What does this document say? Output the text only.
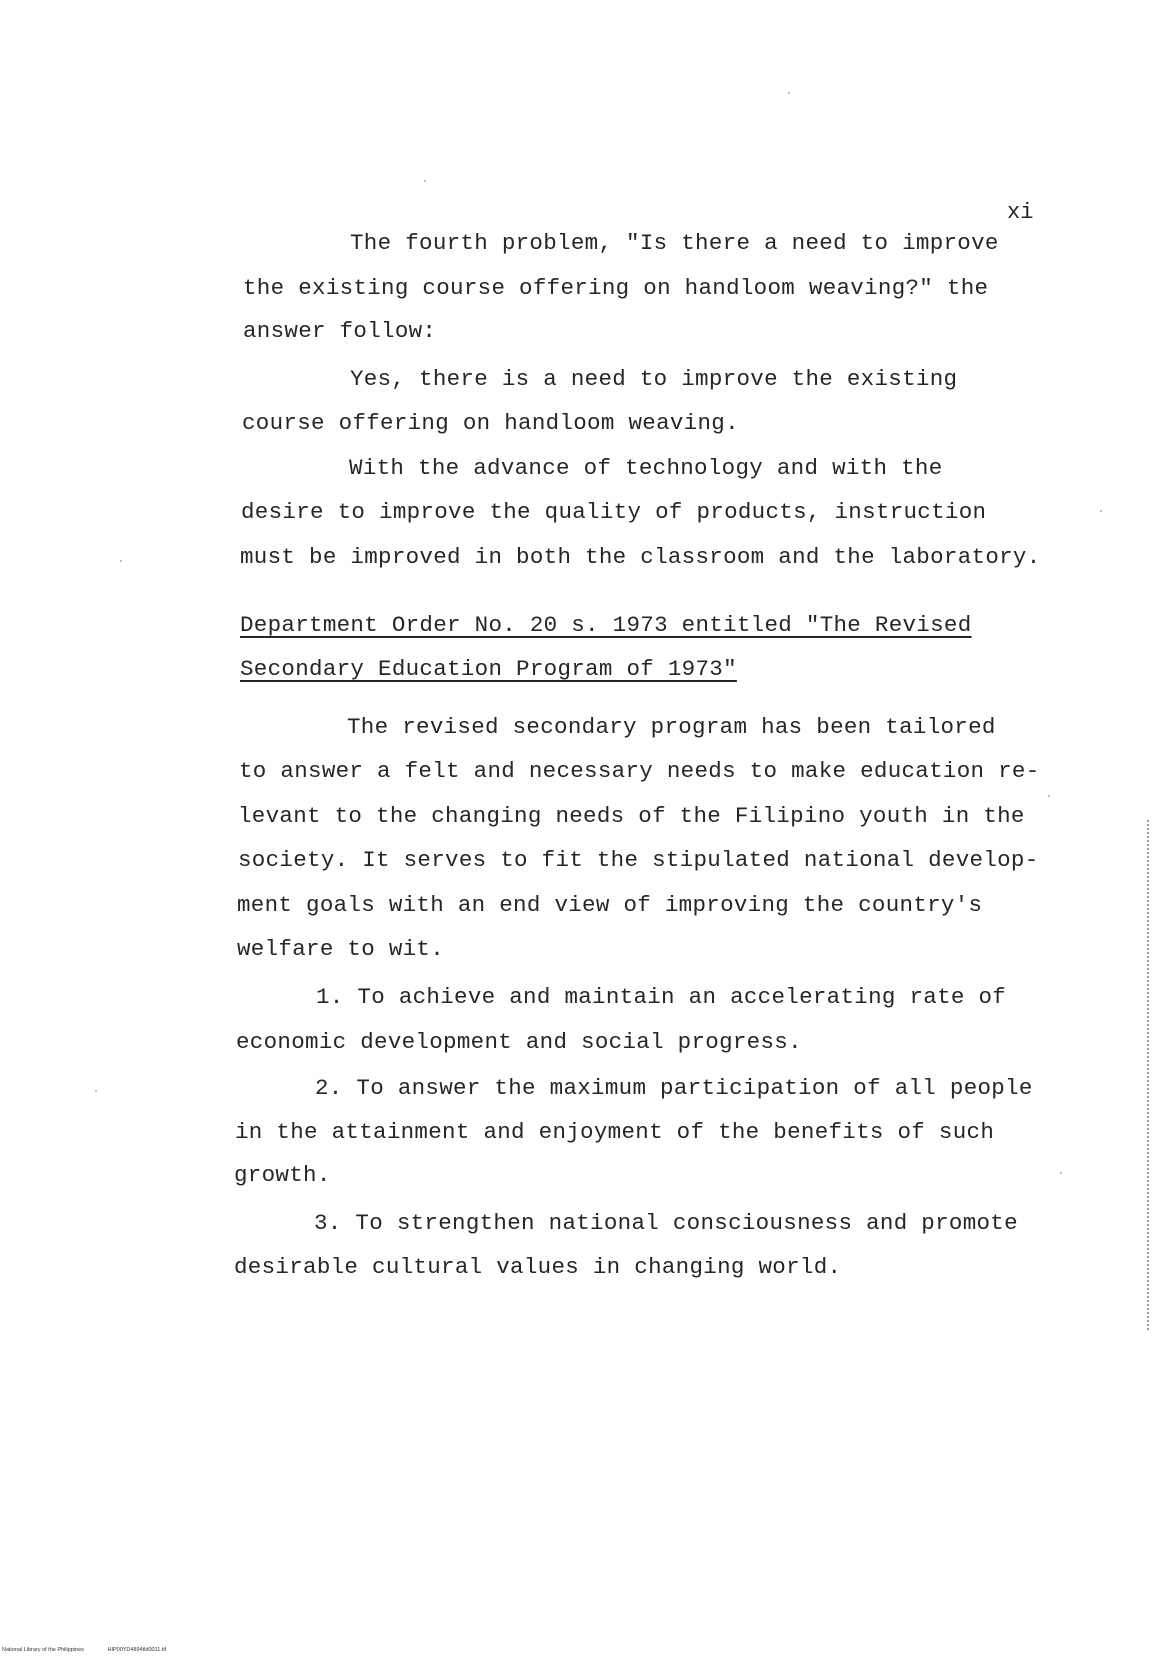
xi
The fourth problem, "Is there a need to improve
the existing course offering on handloom weaving?" the
answer follow:
Yes, there is a need to improve the existing
course offering on handloom weaving.
With the advance of technology and with the
desire to improve the quality of products, instruction
must be improved in both the classroom and the laboratory.
Department Order No. 20 s. 1973 entitled "The Revised
Secondary Education Program of 1973"
The revised secondary program has been tailored
to answer a felt and necessary needs to make education re-
levant to the changing needs of the Filipino youth in the
society. It serves to fit the stipulated national develop-
ment goals with an end view of improving the country's
welfare to wit.
1. To achieve and maintain an accelerating rate of
economic development and social progress.
2. To answer the maximum participation of all people
in the attainment and enjoyment of the benefits of such
growth.
3. To strengthen national consciousness and promote
desirable cultural values in changing world.
National Library of the Philippines	HIP00YD4894tld0011.tif
